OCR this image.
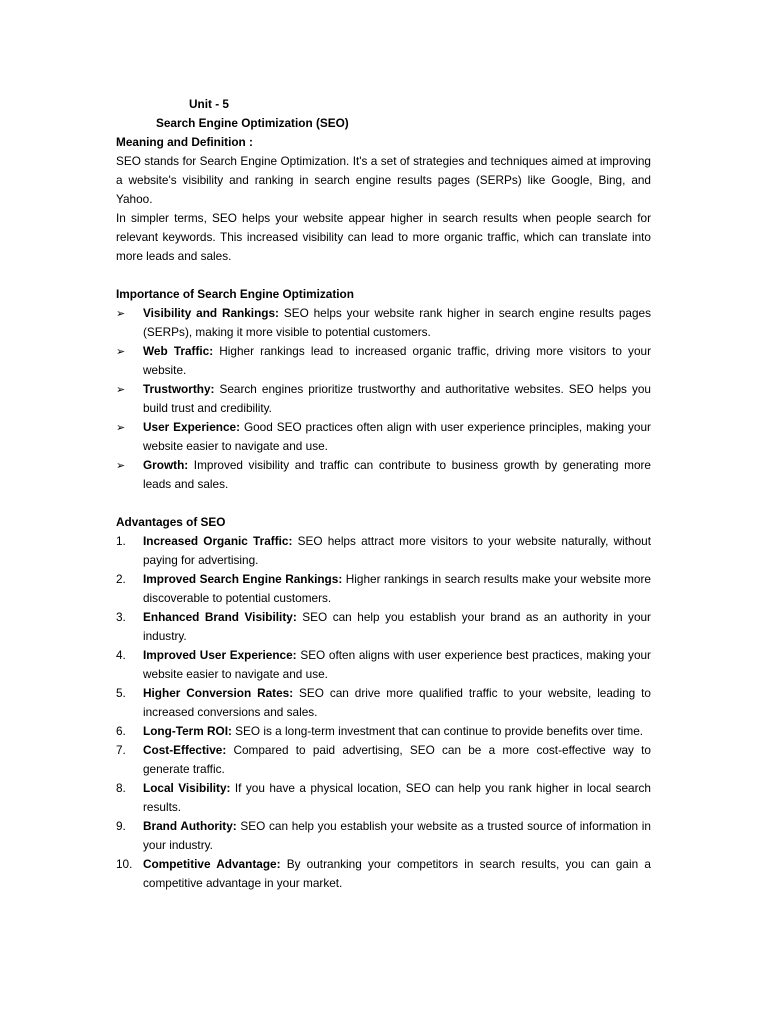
Unit - 5
Search Engine Optimization (SEO)
Meaning and Definition :

SEO stands for Search Engine Optimization. It's a set of strategies and techniques aimed at improving a website's visibility and ranking in search engine results pages (SERPs) like Google, Bing, and Yahoo.

In simpler terms, SEO helps your website appear higher in search results when people search for relevant keywords. This increased visibility can lead to more organic traffic, which can translate into more leads and sales.

Importance of Search Engine Optimization
➢	Visibility and Rankings: SEO helps your website rank higher in search engine results pages (SERPs), making it more visible to potential customers.
➢	Web Traffic: Higher rankings lead to increased organic traffic, driving more visitors to your website.
➢	Trustworthy: Search engines prioritize trustworthy and authoritative websites. SEO helps you build trust and credibility.
➢	User Experience: Good SEO practices often align with user experience principles, making your website easier to navigate and use.
➢	Growth: Improved visibility and traffic can contribute to business growth by generating more leads and sales.
Advantages of SEO
1.	Increased Organic Traffic: SEO helps attract more visitors to your website naturally, without paying for advertising.
2.	Improved Search Engine Rankings: Higher rankings in search results make your website more discoverable to potential customers.
3.	Enhanced Brand Visibility: SEO can help you establish your brand as an authority in your industry.
4.	Improved User Experience: SEO often aligns with user experience best practices, making your website easier to navigate and use.
5.	Higher Conversion Rates: SEO can drive more qualified traffic to your website, leading to increased conversions and sales.
6.	Long-Term ROI: SEO is a long-term investment that can continue to provide benefits over time.
7.	Cost-Effective: Compared to paid advertising, SEO can be a more cost-effective way to generate traffic.
8.	Local Visibility: If you have a physical location, SEO can help you rank higher in local search results.
9.	Brand Authority: SEO can help you establish your website as a trusted source of information in your industry.
10. Competitive Advantage: By outranking your competitors in search results, you can gain a competitive advantage in your market.
